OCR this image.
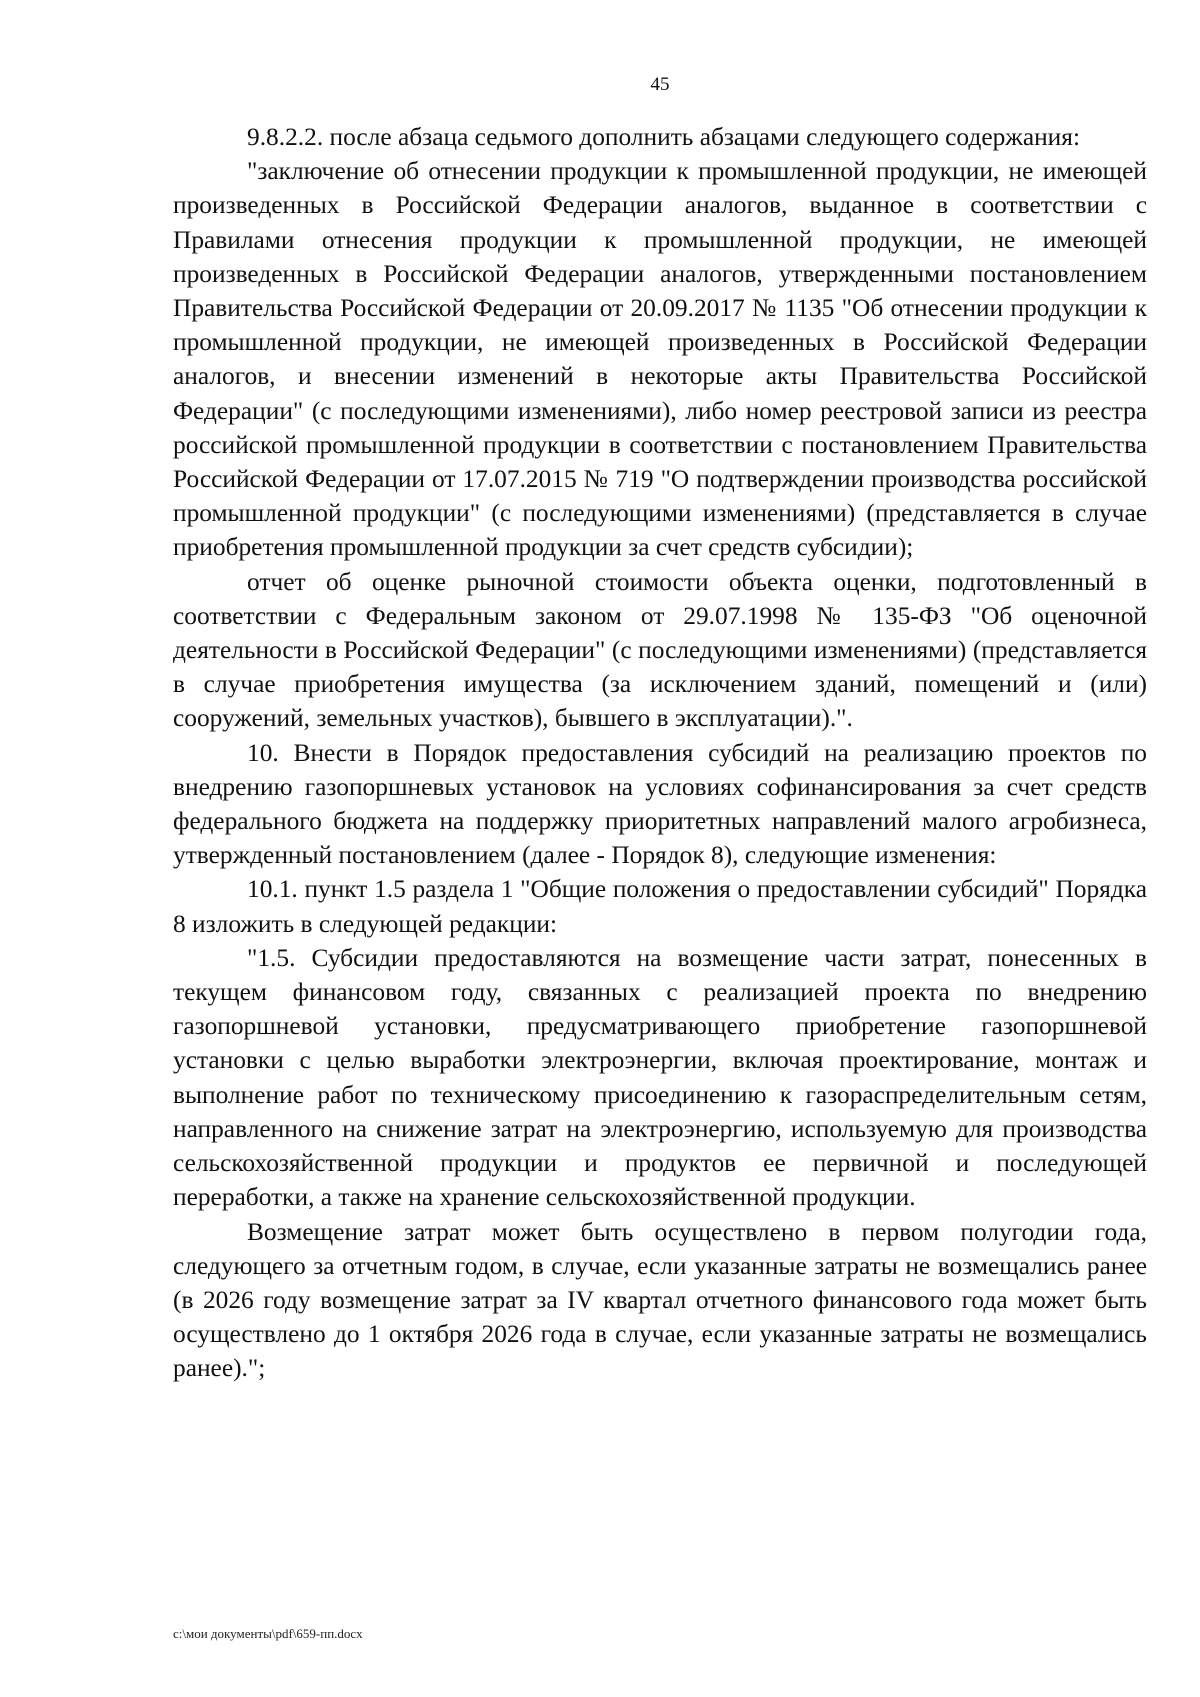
45

9.8.2.2. после абзаца седьмого дополнить абзацами следующего содержания:

"заключение об отнесении продукции к промышленной продукции, не имеющей произведенных в Российской Федерации аналогов, выданное в соответствии с Правилами отнесения продукции к промышленной продукции, не имеющей произведенных в Российской Федерации аналогов, утвержденными постановлением Правительства Российской Федерации от 20.09.2017 № 1135 "Об отнесении продукции к промышленной продукции, не имеющей произведенных в Российской Федерации аналогов, и внесении изменений в некоторые акты Правительства Российской Федерации" (с последующими изменениями), либо номер реестровой записи из реестра российской промышленной продукции в соответствии с постановлением Правительства Российской Федерации от 17.07.2015 № 719 "О подтверждении производства российской промышленной продукции" (с последующими изменениями) (представляется в случае приобретения промышленной продукции за счет средств субсидии);

отчет об оценке рыночной стоимости объекта оценки, подготовленный в соответствии с Федеральным законом от 29.07.1998 № 135-ФЗ "Об оценочной деятельности в Российской Федерации" (с последующими изменениями) (представляется в случае приобретения имущества (за исключением зданий, помещений и (или) сооружений, земельных участков), бывшего в эксплуатации).".

10. Внести в Порядок предоставления субсидий на реализацию проектов по внедрению газопоршневых установок на условиях софинансирования за счет средств федерального бюджета на поддержку приоритетных направлений малого агробизнеса, утвержденный постановлением (далее - Порядок 8), следующие изменения:

10.1. пункт 1.5 раздела 1 "Общие положения о предоставлении субсидий" Порядка 8 изложить в следующей редакции:

"1.5. Субсидии предоставляются на возмещение части затрат, понесенных в текущем финансовом году, связанных с реализацией проекта по внедрению газопоршневой установки, предусматривающего приобретение газопоршневой установки с целью выработки электроэнергии, включая проектирование, монтаж и выполнение работ по техническому присоединению к газораспределительным сетям, направленного на снижение затрат на электроэнергию, используемую для производства сельскохозяйственной продукции и продуктов ее первичной и последующей переработки, а также на хранение сельскохозяйственной продукции.

Возмещение затрат может быть осуществлено в первом полугодии года, следующего за отчетным годом, в случае, если указанные затраты не возмещались ранее (в 2026 году возмещение затрат за IV квартал отчетного финансового года может быть осуществлено до 1 октября 2026 года в случае, если указанные затраты не возмещались ранее).";

c:\мои документы\pdf\659-пп.docx
